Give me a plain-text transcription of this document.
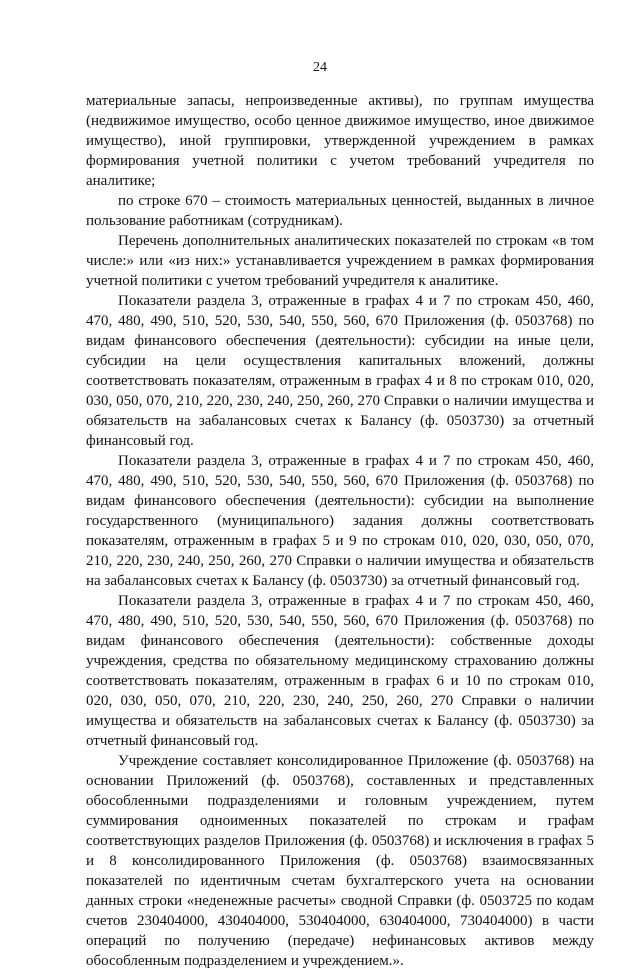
24

материальные запасы, непроизведенные активы), по группам имущества (недвижимое имущество, особо ценное движимое имущество, иное движимое имущество), иной группировки, утвержденной учреждением в рамках формирования учетной политики с учетом требований учредителя по аналитике;

по строке 670 – стоимость материальных ценностей, выданных в личное пользование работникам (сотрудникам).

Перечень дополнительных аналитических показателей по строкам «в том числе:» или «из них:» устанавливается учреждением в рамках формирования учетной политики с учетом требований учредителя к аналитике.

Показатели раздела 3, отраженные в графах 4 и 7 по строкам 450, 460, 470, 480, 490, 510, 520, 530, 540, 550, 560, 670 Приложения (ф. 0503768) по видам финансового обеспечения (деятельности): субсидии на иные цели, субсидии на цели осуществления капитальных вложений, должны соответствовать показателям, отраженным в графах 4 и 8 по строкам 010, 020, 030, 050, 070, 210, 220, 230, 240, 250, 260, 270 Справки о наличии имущества и обязательств на забалансовых счетах к Балансу (ф. 0503730) за отчетный финансовый год.

Показатели раздела 3, отраженные в графах 4 и 7 по строкам 450, 460, 470, 480, 490, 510, 520, 530, 540, 550, 560, 670 Приложения (ф. 0503768) по видам финансового обеспечения (деятельности): субсидии на выполнение государственного (муниципального) задания должны соответствовать показателям, отраженным в графах 5 и 9 по строкам 010, 020, 030, 050, 070, 210, 220, 230, 240, 250, 260, 270 Справки о наличии имущества и обязательств на забалансовых счетах к Балансу (ф. 0503730) за отчетный финансовый год.

Показатели раздела 3, отраженные в графах 4 и 7 по строкам 450, 460, 470, 480, 490, 510, 520, 530, 540, 550, 560, 670 Приложения (ф. 0503768) по видам финансового обеспечения (деятельности): собственные доходы учреждения, средства по обязательному медицинскому страхованию должны соответствовать показателям, отраженным в графах 6 и 10 по строкам 010, 020, 030, 050, 070, 210, 220, 230, 240, 250, 260, 270 Справки о наличии имущества и обязательств на забалансовых счетах к Балансу (ф. 0503730) за отчетный финансовый год.

Учреждение составляет консолидированное Приложение (ф. 0503768) на основании Приложений (ф. 0503768), составленных и представленных обособленными подразделениями и головным учреждением, путем суммирования одноименных показателей по строкам и графам соответствующих разделов Приложения (ф. 0503768) и исключения в графах 5 и 8 консолидированного Приложения (ф. 0503768) взаимосвязанных показателей по идентичным счетам бухгалтерского учета на основании данных строки «неденежные расчеты» сводной Справки (ф. 0503725 по кодам счетов 230404000, 430404000, 530404000, 630404000, 730404000) в части операций по получению (передаче) нефинансовых активов между обособленным подразделением и учреждением.».
